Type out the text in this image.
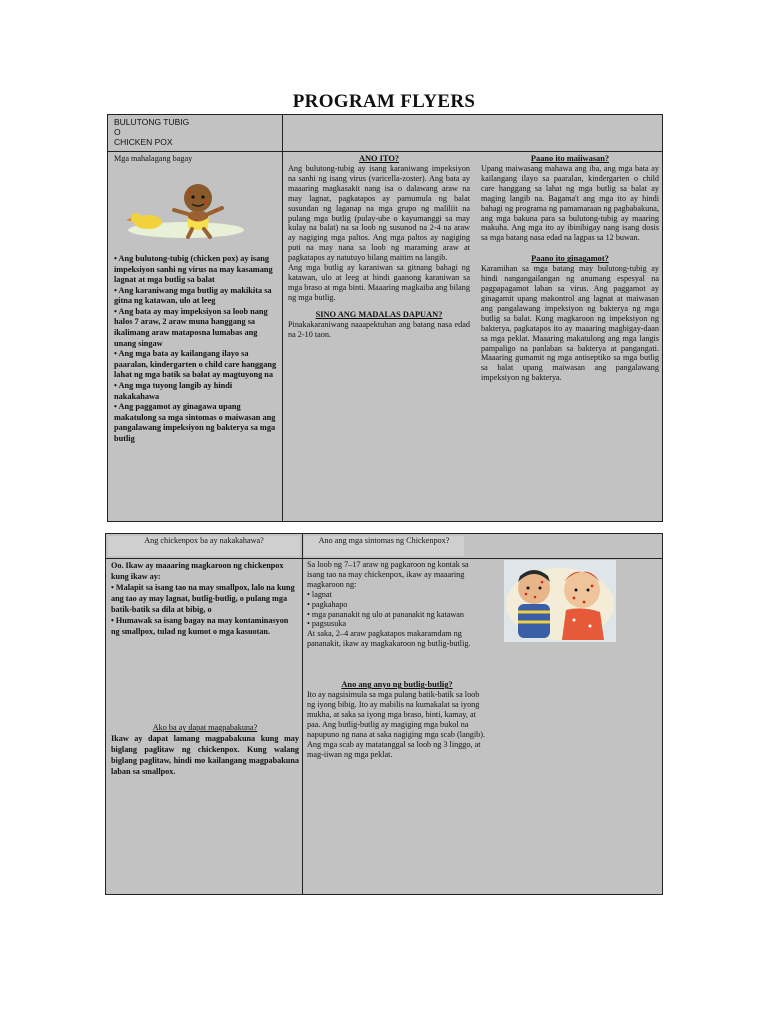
PROGRAM FLYERS
BULUTONG TUBIG
O
CHICKEN POX

Mga mahalagang bagay

• Ang bulutong-tubig (chicken pox) ay isang impeksiyon sanhi ng virus na may kasamang lagnat at mga butlig sa balat

• Ang karaniwang mga butlig ay makikita sa gitna ng katawan, ulo at leeg

• Ang bata ay may impeksiyon sa loob nang halos 7 araw, 2 araw muna hanggang sa ikalimang araw mataposna lumabas ang unang singaw

• Ang mga bata ay kailangang ilayo sa paaralan, kindergarten o child care hanggang lahat ng mga batik sa balat ay magtuyong na

• Ang mga tuyong langib ay hindi nakakahawa

• Ang paggamot ay ginagawa upang makatulong sa mga sintomas o maiwasan ang pangalawang impeksiyon ng bakterya sa mga butlig

ANO ITO?

Ang bulutong-tubig ay isang karaniwang impeksiyon na sanhi ng isang virus (varicella-zoster). Ang bata ay maaaring magkasakit nang isa o dalawang araw na may lagnat, pagkatapos ay pamumula ng balat susundan ng laganap na mga grupo ng maliliit na pulang mga butlig (pulay-ube o kayumanggi sa may kulay na balat) na sa loob ng susunod na 2-4 na araw ay nagiging mga paltos. Ang mga paltos ay nagiging puti na may nana sa loob ng maraming araw at pagkatapos ay natutuyo bilang maitim na langib.

Ang mga butlig ay karaniwan sa gitnang bahagi ng katawan, ulo at leeg at hindi gaanong karaniwan sa mga braso at mga binti. Maaaring magkaiba ang bilang ng mga butlig.

SINO ANG MADALAS DAPUAN?

Pinakakaraniwang naaapektuhan ang batang nasa edad na 2-10 taon.

Paano ito maiiwasan?

Upang maiwasang mahawa ang iba, ang mga bata ay kailangang ilayo sa paaralan, kindergarten o child care hanggang sa lahat ng mga butlig sa balat ay maging langib na. Bagama't ang mga ito ay hindi bahagi ng programa ng pamamaraan ng pagbabakuna, ang mga bakuna para sa bulutong-tubig ay maaring makuha. Ang mga ito ay ibinibigay nang isang dosis sa mga batang nasa edad na lagpas sa 12 buwan.

Paano ito ginagamot?

Karamihan sa mga batang may bulutong-tubig ay hindi nangangailangan ng anumang espesyal na pagpapagamot laban sa virus. Ang paggamot ay ginagamit upang makontrol ang lagnat at maiwasan ang pangalawang impeksiyon ng bakterya ng mga butlig sa balat. Kung magkaroon ng impeksiyon ng bakterya, pagkatapos ito ay maaaring magbigay-daan sa mga peklat. Maaaring makatulong ang mga langis pampaligo na panlaban sa bakterya at pangangati. Maaaring gumamit ng mga antiseptiko sa mga butlig sa balat upang maiwasan ang pangalawang impeksiyon ng bakterya.

Ang chickenpox ba ay nakakahawa?	Ano ang mga sintomas ng Chickenpox?

Oo. Ikaw ay maaaring magkaroon ng chickenpox kung ikaw ay:

• Malapit sa isang tao na may smallpox, lalo na kung ang tao ay may lagnat, butlig-butlig, o pulang mga batik-batik sa dila at bibig, o

• Humawak sa isang bagay na may kontaminasyon ng smallpox, tulad ng kumot o mga kasuotan.

Ako ba ay dapat magpabakuna?

Ikaw ay dapat lamang magpabakuna kung may biglang paglitaw ng chickenpox. Kung walang biglang paglitaw, hindi mo kailangang magpabakuna laban sa smallpox.

Sa loob ng 7–17 araw ng pagkaroon ng kontak sa isang tao na may chickenpox, ikaw ay maaaring magkaroon ng:

• lagnat

• pagkahapo

• mga pananakit ng ulo at pananakit ng katawan

• pagsusuka

At saka, 2–4 araw pagkatapos makaramdam ng pananakit, ikaw ay magkakaroon ng butlig-butlig.

Ano ang anyo ng butlig-butlig?

Ito ay nagsisimula sa mga pulang batik-batik sa loob ng iyong bibig. Ito ay mabilis na kumakalat sa iyong mukha, at saka sa iyong mga braso, binti, kamay, at paa. Ang butlig-butlig ay magiging mga bukol na napupuno ng nana at saka nagiging mga scab (langib). Ang mga scab ay matatanggal sa loob ng 3 linggo, at mag-iiwan ng mga peklat.
